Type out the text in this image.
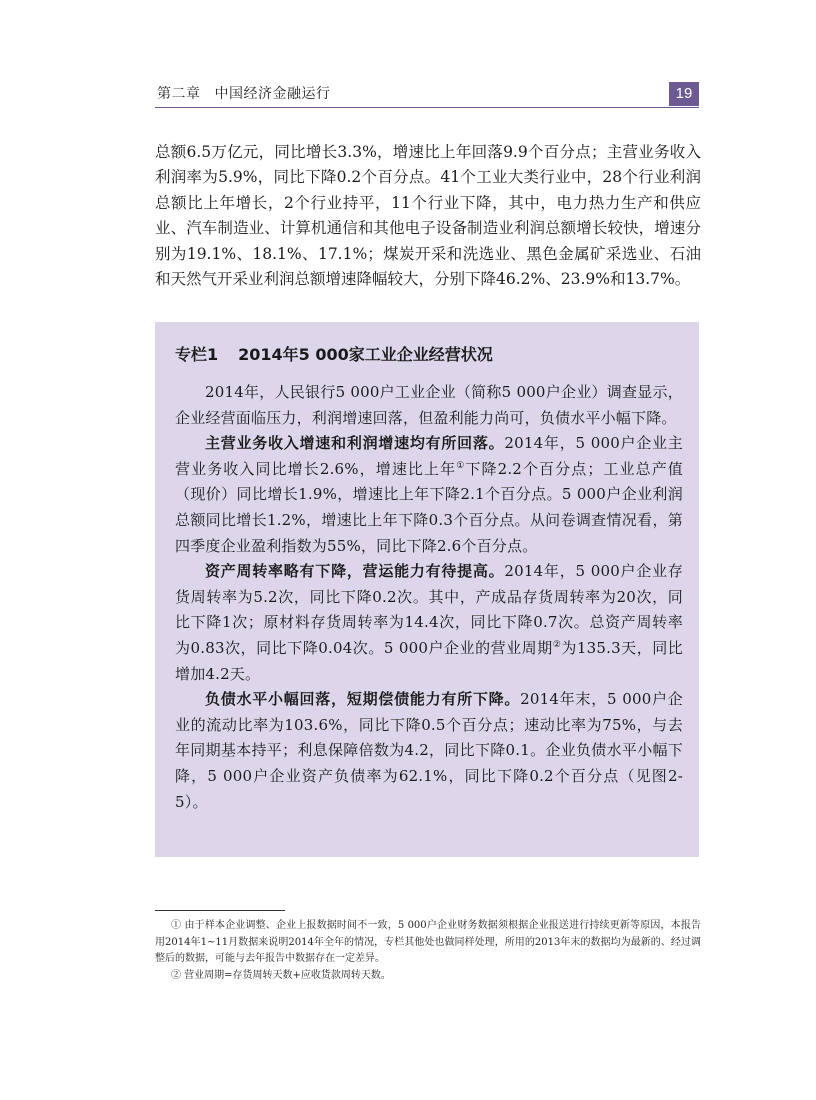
第二章 中国经济金融运行	19

总额6.5万亿元，同比增长3.3%，增速比上年回落9.9个百分点；主营业务收入利润率为5.9%，同比下降0.2个百分点。41个工业大类行业中，28个行业利润总额比上年增长，2个行业持平，11个行业下降，其中，电力热力生产和供应业、汽车制造业、计算机通信和其他电子设备制造业利润总额增长较快，增速分别为19.1%、18.1%、17.1%；煤炭开采和洗选业、黑色金属矿采选业、石油和天然气开采业利润总额增速降幅较大，分别下降46.2%、23.9%和13.7%。

专栏1 2014年5 000家工业企业经营状况

2014年，人民银行5 000户工业企业（简称5 000户企业）调查显示，企业经营面临压力，利润增速回落，但盈利能力尚可，负债水平小幅下降。

主营业务收入增速和利润增速均有所回落。2014年，5 000户企业主营业务收入同比增长2.6%，增速比上年①下降2.2个百分点；工业总产值（现价）同比增长1.9%，增速比上年下降2.1个百分点。5 000户企业利润总额同比增长1.2%，增速比上年下降0.3个百分点。从问卷调查情况看，第四季度企业盈利指数为55%，同比下降2.6个百分点。

资产周转率略有下降，营运能力有待提高。2014年，5 000户企业存货周转率为5.2次，同比下降0.2次。其中，产成品存货周转率为20次，同比下降1次；原材料存货周转率为14.4次，同比下降0.7次。总资产周转率为0.83次，同比下降0.04次。5 000户企业的营业周期②为135.3天，同比增加4.2天。

负债水平小幅回落，短期偿债能力有所下降。2014年末，5 000户企业的流动比率为103.6%，同比下降0.5个百分点；速动比率为75%，与去年同期基本持平；利息保障倍数为4.2，同比下降0.1。企业负债水平小幅下降，5 000户企业资产负债率为62.1%，同比下降0.2个百分点（见图2-5）。

① 由于样本企业调整、企业上报数据时间不一致，5 000户企业财务数据须根据企业报送进行持续更新等原因，本报告用2014年1~11月数据来说明2014年全年的情况，专栏其他处也做同样处理，所用的2013年末的数据均为最新的、经过调整后的数据，可能与去年报告中数据存在一定差异。

② 营业周期=存货周转天数+应收货款周转天数。
